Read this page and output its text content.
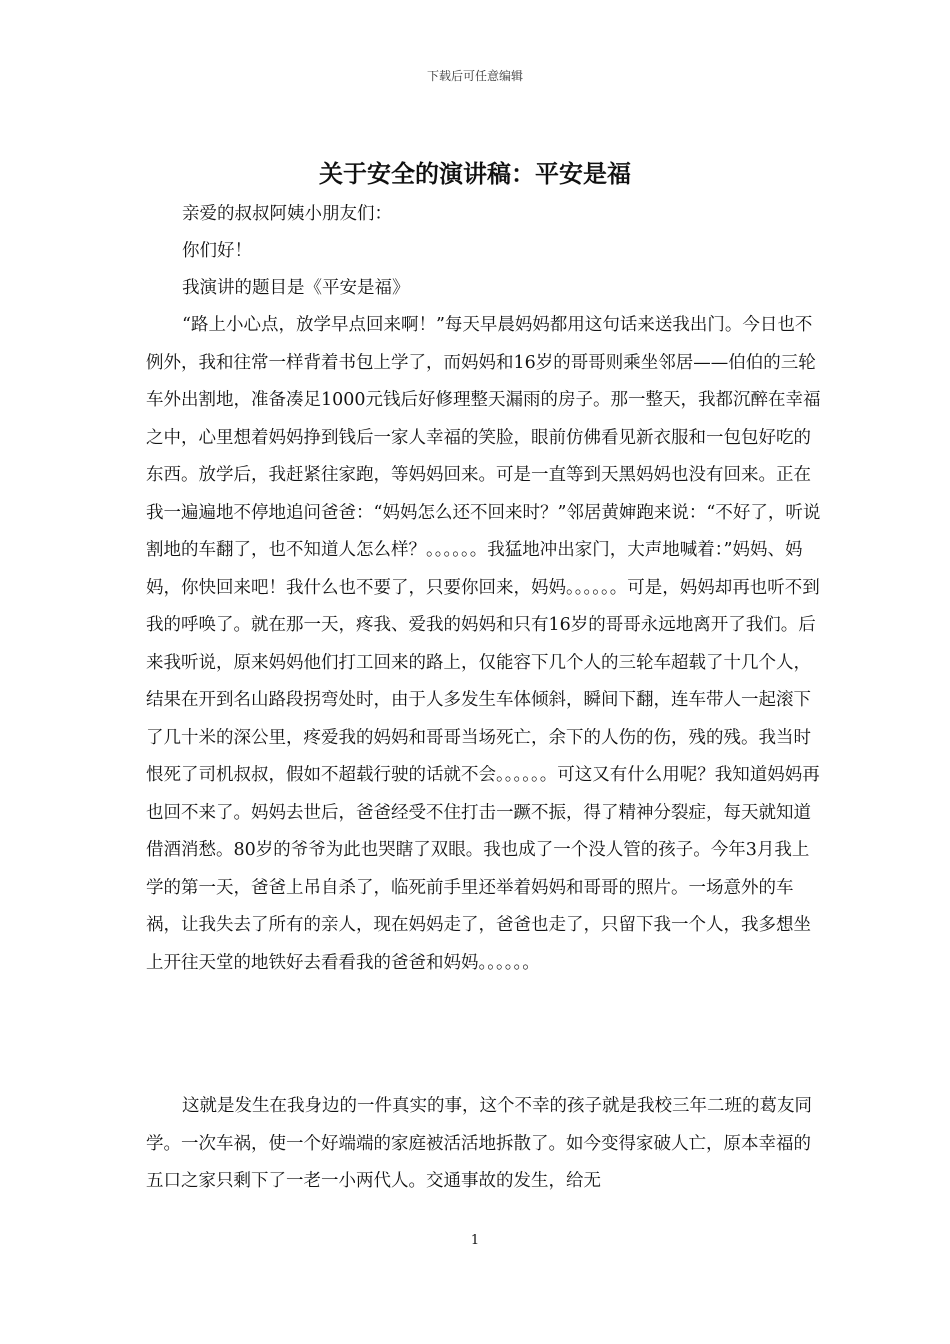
下载后可任意编辑
关于安全的演讲稿：平安是福

亲爱的叔叔阿姨小朋友们：

你们好！

我演讲的题目是《平安是福》

“路上小心点，放学早点回来啊！”每天早晨妈妈都用这句话来送我出门。今日也不例外，我和往常一样背着书包上学了，而妈妈和16岁的哥哥则乘坐邻居——伯伯的三轮车外出割地，准备凑足1000元钱后好修理整天漏雨的房子。那一整天，我都沉醉在幸福之中，心里想着妈妈挣到钱后一家人幸福的笑脸，眼前仿佛看见新衣服和一包包好吃的东西。放学后，我赶紧往家跑，等妈妈回来。可是一直等到天黑妈妈也没有回来。正在我一遍遍地不停地追问爸爸：“妈妈怎么还不回来时？”邻居黄婶跑来说：“不好了，听说割地的车翻了，也不知道人怎么样？。。。。。。我猛地冲出家门，大声地喊着：”妈妈、妈妈，你快回来吧！我什么也不要了，只要你回来，妈妈。。。。。。可是，妈妈却再也听不到我的呼唤了。就在那一天，疼我、爱我的妈妈和只有16岁的哥哥永远地离开了我们。后来我听说，原来妈妈他们打工回来的路上，仅能容下几个人的三轮车超载了十几个人，结果在开到名山路段拐弯处时，由于人多发生车体倾斜，瞬间下翻，连车带人一起滚下了几十米的深公里，疼爱我的妈妈和哥哥当场死亡，余下的人伤的伤，残的残。我当时恨死了司机叔叔，假如不超载行驶的话就不会。。。。。。可这又有什么用呢？我知道妈妈再也回不来了。妈妈去世后，爸爸经受不住打击一蹶不振，得了精神分裂症，每天就知道借酒消愁。80岁的爷爷为此也哭瞎了双眼。我也成了一个没人管的孩子。今年3月我上学的第一天，爸爸上吊自杀了，临死前手里还举着妈妈和哥哥的照片。一场意外的车祸，让我失去了所有的亲人，现在妈妈走了，爸爸也走了，只留下我一个人，我多想坐上开往天堂的地铁好去看看我的爸爸和妈妈。。。。。。

这就是发生在我身边的一件真实的事，这个不幸的孩子就是我校三年二班的葛友同学。一次车祸，使一个好端端的家庭被活活地拆散了。如今变得家破人亡，原本幸福的五口之家只剩下了一老一小两代人。交通事故的发生，给无

1
